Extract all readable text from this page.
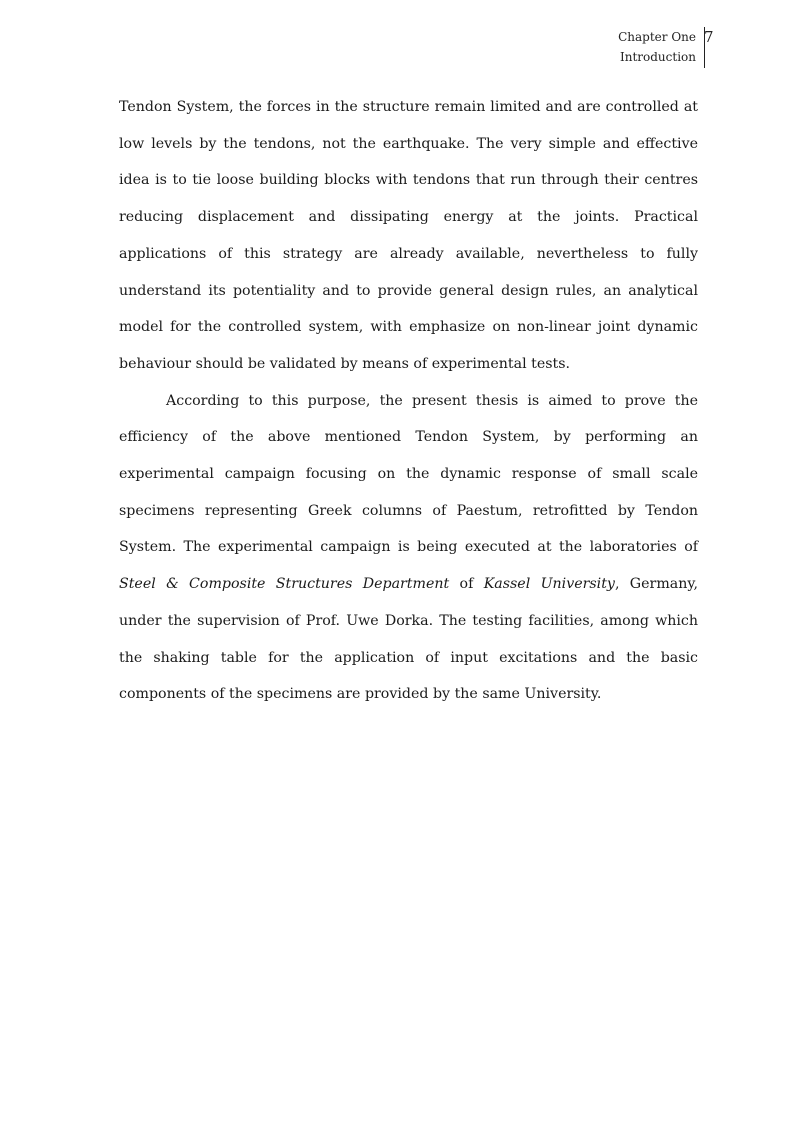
Chapter One
Introduction
7

Tendon System, the forces in the structure remain limited and are controlled at low levels by the tendons, not the earthquake. The very simple and effective idea is to tie loose building blocks with tendons that run through their centres reducing displacement and dissipating energy at the joints. Practical applications of this strategy are already available, nevertheless to fully understand its potentiality and to provide general design rules, an analytical model for the controlled system, with emphasize on non-linear joint dynamic behaviour should be validated by means of experimental tests.

According to this purpose, the present thesis is aimed to prove the efficiency of the above mentioned Tendon System, by performing an experimental campaign focusing on the dynamic response of small scale specimens representing Greek columns of Paestum, retrofitted by Tendon System. The experimental campaign is being executed at the laboratories of Steel & Composite Structures Department of Kassel University, Germany, under the supervision of Prof. Uwe Dorka. The testing facilities, among which the shaking table for the application of input excitations and the basic components of the specimens are provided by the same University.
